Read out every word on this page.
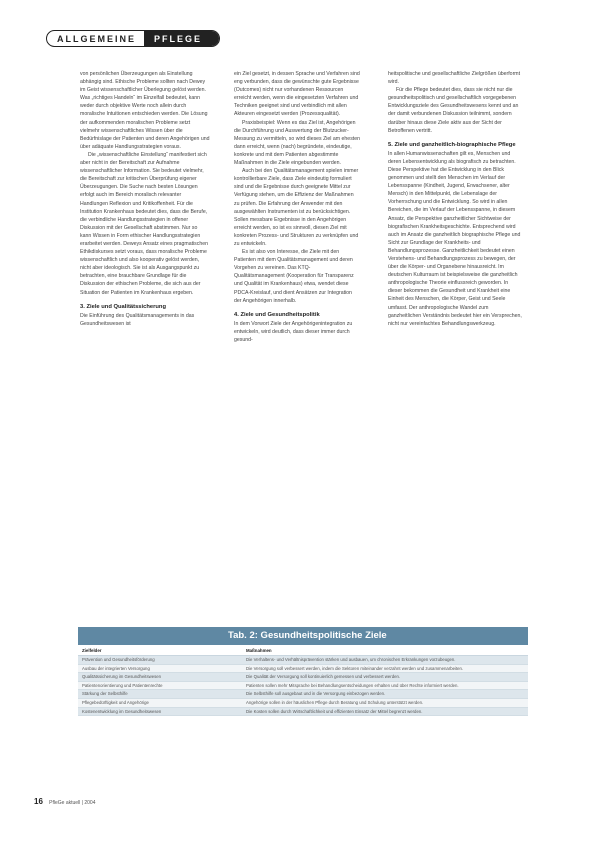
ALLGEMEINE	PFLEGE

von persönlichen Überzeugungen als Einstellung abhängig sind. Ethische Probleme sollten nach Dewey im Geist wissenschaftlicher Überlegung gelöst werden. Was „richtiges Handeln“ im Einzelfall bedeutet, kann weder durch objektive Werte noch allein durch moralische Intuitionen entschieden werden. Die Lösung der aufkommenden moralischen Probleme setzt vielmehr wissenschaftliches Wissen über die Bedürfnislage der Patienten und deren Angehörigen und über adäquate Handlungsstrategien voraus.

Die „wissenschaftliche Einstellung“ manifestiert sich aber nicht in der Bereitschaft zur Aufnahme wissenschaftlicher Information. Sie bedeutet vielmehr, die Bereitschaft zur kritischen Überprüfung eigener Überzeugungen. Die Suche nach besten Lösungen erfolgt auch im Bereich moralisch relevanter Handlungen Reflexion und Kritikoffenheit. Für die Institution Krankenhaus bedeutet dies, dass die Berufe, die verbindliche Handlungsstrategien in offener Diskussion mit der Gesellschaft abstimmen. Nur so kann Wissen in Form ethischer Handlungsstrategien erarbeitet werden. Deweys Ansatz eines pragmatischen Ethikdiskurses setzt voraus, dass moralische Probleme wissenschaftlich und also kooperativ gelöst werden, nicht aber ideologisch. Sie ist als Ausgangspunkt zu betrachten, eine brauchbare Grundlage für die Diskussion der ethischen Probleme, die sich aus der Situation der Patienten im Krankenhaus ergeben.

3. Ziele und Qualitätssicherung

Die Einführung des Qualitätsmanagements in das Gesundheitswesen ist

ein Ziel gesetzt, in dessen Sprache und Verfahren sind eng verbunden, dass die gewünschte gute Ergebnisse (Outcomes) nicht nur vorhandenen Ressourcen erreicht werden, wenn die eingesetzten Verfahren und Techniken geeignet sind und verbindlich mit allen Akteuren eingesetzt werden (Prozessqualität).

Praxisbeispiel: Wenn es das Ziel ist, Angehörigen die Durchführung und Auswertung der Blutzucker-Messung zu vermitteln, so wird dieses Ziel am ehesten dann erreicht, wenn (nach) begründete, eindeutige, konkrete und mit dem Patienten abgestimmte Maßnahmen in die Ziele eingebunden werden.

Auch bei den Qualitätsmanagement spielen immer kontrollierbare Ziele, dass Ziele eindeutig formuliert sind und die Ergebnisse durch geeignete Mittel zur Verfügung stehen, um die Effizienz der Maßnahmen zu prüfen. Die Erfahrung der Anwender mit den ausgewählten Instrumenten ist zu berücksichtigen. Sollen messbare Ergebnisse in den Angehörigen erreicht werden, so ist es sinnvoll, diesen Ziel mit konkreten Prozess- und Strukturen zu verknüpfen und zu entwickeln.

Es ist also von Interesse, die Ziele mit den Patienten mit dem Qualitätsmanagement und deren Vorgehen zu vereinen. Das KTQ-Qualitätsmanagement (Kooperation für Transparenz und Qualität im Krankenhaus) etwa, wendet diese PDCA-Kreislauf, und dient Ansätzen zur Integration der Angehörigen innerhalb.

4. Ziele und Gesundheitspolitik

In dem Vorwort Ziele der Angehörigenintegration zu entwickeln, wird deutlich, dass dieser immer durch gesund-

heitspolitische und gesellschaftliche Zielgrößen überformt wird.

Für die Pflege bedeutet dies, dass sie nicht nur die gesundheitspolitisch und gesellschaftlich vorgegebenen Entwicklungsziele des Gesundheitswesens kennt und an der damit verbundenen Diskussion teilnimmt, sondern darüber hinaus diese Ziele aktiv aus der Sicht der Betroffenen vertritt.

5. Ziele und ganzheitlich-biographische Pflege

In allen Humanwissenschaften gilt es, Menschen und deren Lebensentwicklung als biografisch zu betrachten. Diese Perspektive hat die Entwicklung in den Blick genommen und stellt den Menschen im Verlauf der Lebensspanne (Kindheit, Jugend, Erwachsener, alter Mensch) in den Mittelpunkt, die Lebenslage der Vorherrschung und die Entwicklung. So wird in allen Bereichen, die im Verlauf der Lebensspanne, in diesem Ansatz, die Perspektive ganzheitlicher Sichtweise der biografischen Krankheitsgeschichte. Entsprechend wird auch im Ansatz die ganzheitlich biographische Pflege und Sicht zur Grundlage der Krankheits- und Behandlungsprozesse. Ganzheitlichkeit bedeutet einen Verstehens- und Behandlungsprozess zu bewegen, der über die Körper- und Organebene hinausreicht. Im deutschen Kulturraum ist beispielsweise die ganzheitlich anthropologische Theorie einflussreich geworden. In dieser bekommen die Gesundheit und Krankheit eine Einheit des Menschen, die Körper, Geist und Seele umfasst. Der anthropologische Wandel zum ganzheitlichen Verständnis bedeutet hier ein Versprechen, nicht nur vereinfachtes Behandlungswerkzeug.

Tab. 2: Gesundheitspolitische Ziele
Zielfelder	Maßnahmen
Prävention und Gesundheitsförderung	Die Verhaltens- und Verhältnisprävention stärken und ausbauen, um chronischen Erkrankungen vorzubeugen.
Ausbau der integrierten Versorgung	Die Versorgung soll verbessert werden, indem die Sektoren miteinander verzahnt werden und zusammenarbeiten.
Qualitätssicherung im Gesundheitswesen	Die Qualität der Versorgung soll kontinuierlich gemessen und verbessert werden.
Patientenorientierung und Patientenrechte	Patienten sollen mehr Mitsprache bei Behandlungsentscheidungen erhalten und über Rechte informiert werden.
Stärkung der Selbsthilfe	Die Selbsthilfe soll ausgebaut und in die Versorgung einbezogen werden.
Pflegebedürftigkeit und Angehörige	Angehörige sollen in der häuslichen Pflege durch Beratung und Schulung unterstützt werden.
Kostenentwicklung im Gesundheitswesen	Die Kosten sollen durch Wirtschaftlichkeit und effizienten Einsatz der Mittel begrenzt werden.
16 PfleGe aktuell | 2004
